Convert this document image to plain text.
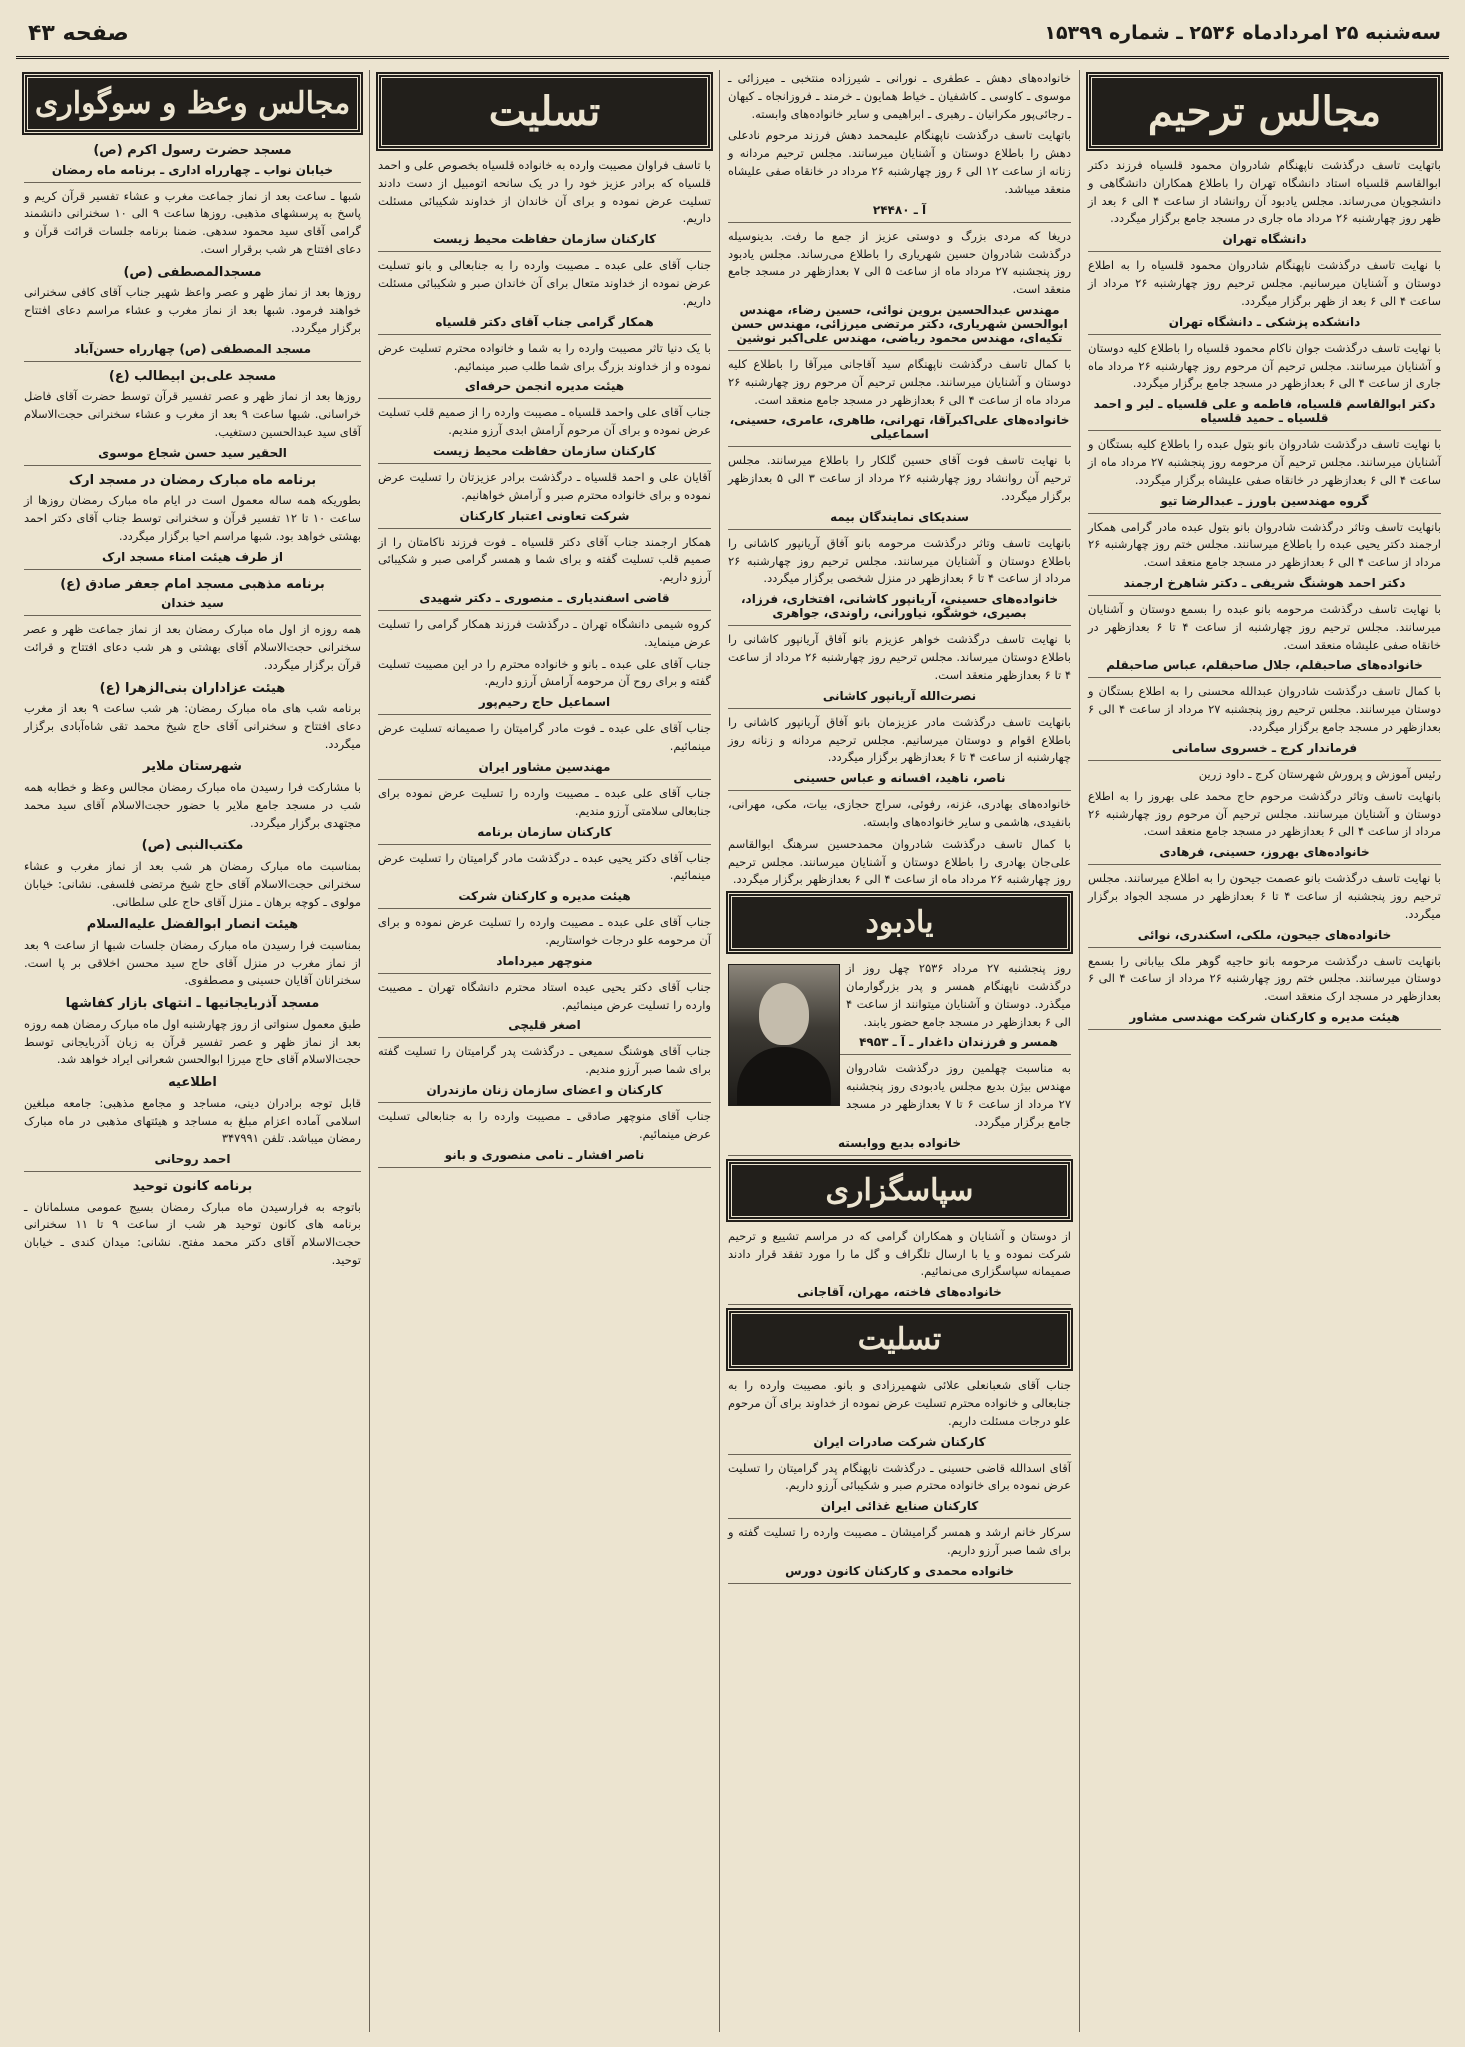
سه‌شنبه ۲۵ امردادماه ۲۵۳۶ ـ شماره ۱۵۳۹۹
صفحه ۴۳
مجالس ترحیم

باتهایت تاسف درگذشت ناپهنگام شادروان محمود قلسیاه فرزند دکتر ابوالقاسم قلسیاه استاد دانشگاه تهران را باطلاع همکاران دانشگاهی و دانشجویان می‌رساند. مجلس یادبود آن روانشاد از ساعت ۴ الی ۶ بعد از ظهر روز چهارشنبه ۲۶ مرداد ماه جاری در مسجد جامع برگزار میگردد.

دانشگاه تهران

با نهایت تاسف درگذشت ناپهنگام شادروان محمود قلسیاه را به اطلاع دوستان و آشنایان میرسانیم. مجلس ترحیم روز چهارشنبه ۲۶ مرداد از ساعت ۴ الی ۶ بعد از ظهر برگزار میگردد.

دانشکده پزشکی ـ دانشگاه تهران

با نهایت تاسف درگذشت جوان ناکام محمود قلسیاه را باطلاع کلیه دوستان و آشنایان میرسانند. مجلس ترحیم آن مرحوم روز چهارشنبه ۲۶ مرداد ماه جاری از ساعت ۴ الی ۶ بعدازظهر در مسجد جامع برگزار میگردد.

دکتر ابوالقاسم قلسیاه، فاطمه و علی قلسیاه ـ لیر و احمد قلسیاه ـ حمید قلسیاه

با نهایت تاسف درگذشت شادروان بانو بتول عبده را باطلاع کلیه بستگان و آشنایان میرسانند. مجلس ترحیم آن مرحومه روز پنجشنبه ۲۷ مرداد ماه از ساعت ۴ الی ۶ بعدازظهر در خانقاه صفی علیشاه برگزار میگردد.

گروه مهندسین باورز ـ عبدالرضا تیو

بانهایت تاسف وتاثر درگذشت شادروان بانو بتول عبده مادر گرامی همکار ارجمند دکتر یحیی عبده را باطلاع میرسانند. مجلس ختم روز چهارشنبه ۲۶ مرداد از ساعت ۴ الی ۶ بعدازظهر در مسجد جامع منعقد است.

دکتر احمد هوشنگ شریفی ـ دکتر شاهرخ ارجمند

با نهایت تاسف درگذشت مرحومه بانو عبده را بسمع دوستان و آشنایان میرسانند. مجلس ترحیم روز چهارشنبه از ساعت ۴ تا ۶ بعدازظهر در خانقاه صفی علیشاه منعقد است.

خانواده‌های صاحبقلم، جلال صاحبقلم، عباس صاحبقلم

با کمال تاسف درگذشت شادروان عبدالله محسنی را به اطلاع بستگان و دوستان میرسانند. مجلس ترحیم روز پنجشنبه ۲۷ مرداد از ساعت ۴ الی ۶ بعدازظهر در مسجد جامع برگزار میگردد.

فرماندار کرج ـ خسروی سامانی

رئیس آموزش و پرورش شهرستان کرج ـ داود زرین

بانهایت تاسف وتاثر درگذشت مرحوم حاج محمد علی بهروز را به اطلاع دوستان و آشنایان میرسانند. مجلس ترحیم آن مرحوم روز چهارشنبه ۲۶ مرداد از ساعت ۴ الی ۶ بعدازظهر در مسجد جامع منعقد است.

خانواده‌های بهروز، حسینی، فرهادی

با نهایت تاسف درگذشت بانو عصمت جیحون را به اطلاع میرسانند. مجلس ترحیم روز پنجشنبه از ساعت ۴ تا ۶ بعدازظهر در مسجد الجواد برگزار میگردد.

خانواده‌های جیحون، ملکی، اسکندری، نوائی

بانهایت تاسف درگذشت مرحومه بانو حاجیه گوهر ملک بیابانی را بسمع دوستان میرسانند. مجلس ختم روز چهارشنبه ۲۶ مرداد از ساعت ۴ الی ۶ بعدازظهر در مسجد ارک منعقد است.

هیئت مدیره و کارکنان شرکت مهندسی مشاور

خانواده‌های دهش ـ عطفری ـ نورانی ـ شیرزاده منتخبی ـ میرزائی ـ موسوی ـ کاوسی ـ کاشفیان ـ خیاط همایون ـ خرمند ـ فروزانجاه ـ کیهان ـ رجائی‌پور مکرانیان ـ رهبری ـ ابراهیمی و سایر خانواده‌های وابسته.

باتهایت تاسف درگذشت ناپهنگام علیمحمد دهش فرزند مرحوم نادعلی دهش را باطلاع دوستان و آشنایان میرسانند. مجلس ترحیم مردانه و زنانه از ساعت ۱۲ الی ۶ روز چهارشنبه ۲۶ مرداد در خانقاه صفی علیشاه منعقد میباشد.

آ ـ ۲۴۴۸۰

دریغا که مردی بزرگ و دوستی عزیز از جمع ما رفت. بدینوسیله درگذشت شادروان حسین شهریاری را باطلاع می‌رساند. مجلس یادبود روز پنجشنبه ۲۷ مرداد ماه از ساعت ۵ الی ۷ بعدازظهر در مسجد جامع منعقد است.

مهندس عبدالحسین بروین نوائی، حسین رضاء، مهندس ابوالحسن شهریاری، دکتر مرتضی میرزائی، مهندس حسن تکیه‌ای، مهندس محمود ریاضی، مهندس علی‌اکبر نوشین

با کمال تاسف درگذشت ناپهنگام سید آقاجانی میرآقا را باطلاع کلیه دوستان و آشنایان میرسانند. مجلس ترحیم آن مرحوم روز چهارشنبه ۲۶ مرداد ماه از ساعت ۴ الی ۶ بعدازظهر در مسجد جامع منعقد است.

خانواده‌های علی‌اکبرآقا، تهرانی، طاهری، عامری، حسینی، اسماعیلی

با نهایت تاسف فوت آقای حسین گلکار را باطلاع میرسانند. مجلس ترحیم آن روانشاد روز چهارشنبه ۲۶ مرداد از ساعت ۳ الی ۵ بعدازظهر برگزار میگردد.

سندیکای نمایندگان بیمه

بانهایت تاسف وتاثر درگذشت مرحومه بانو آفاق آریانپور کاشانی را باطلاع دوستان و آشنایان میرسانند. مجلس ترحیم روز چهارشنبه ۲۶ مرداد از ساعت ۴ تا ۶ بعدازظهر در منزل شخصی برگزار میگردد.

خانواده‌های حسینی، آریانپور کاشانی، افتخاری، فرزاد، بصیری، خوشگو، نیاورانی، راوندی، جواهری

با نهایت تاسف درگذشت خواهر عزیزم بانو آفاق آریانپور کاشانی را باطلاع دوستان میرساند. مجلس ترحیم روز چهارشنبه ۲۶ مرداد از ساعت ۴ تا ۶ بعدازظهر منعقد است.

نصرت‌الله آریانپور کاشانی

بانهایت تاسف درگذشت مادر عزیزمان بانو آفاق آریانپور کاشانی را باطلاع اقوام و دوستان میرسانیم. مجلس ترحیم مردانه و زنانه روز چهارشنبه از ساعت ۴ تا ۶ بعدازظهر برگزار میگردد.

ناصر، ناهید، افسانه و عباس حسینی

خانواده‌های بهادری، غزنه، رفوئی، سراج حجازی، بیات، مکی، مهرانی، بانفیدی، هاشمی و سایر خانواده‌های وابسته.

با کمال تاسف درگذشت شادروان محمدحسین سرهنگ ابوالقاسم علی‌جان بهادری را باطلاع دوستان و آشنایان میرسانند. مجلس ترحیم روز چهارشنبه ۲۶ مرداد ماه از ساعت ۴ الی ۶ بعدازظهر برگزار میگردد.

یادبود

روز پنجشنبه ۲۷ مرداد ۲۵۳۶ چهل روز از درگذشت ناپهنگام همسر و پدر بزرگوارمان میگذرد. دوستان و آشنایان میتوانند از ساعت ۴ الی ۶ بعدازظهر در مسجد جامع حضور یابند.

همسر و فرزندان داغدار ـ آ ـ ۴۹۵۳

به مناسبت چهلمین روز درگذشت شادروان مهندس بیژن بدیع مجلس یادبودی روز پنجشنبه ۲۷ مرداد از ساعت ۶ تا ۷ بعدازظهر در مسجد جامع برگزار میگردد.

خانواده بدیع ووابسته
سپاسگزاری

از دوستان و آشنایان و همکاران گرامی که در مراسم تشییع و ترحیم شرکت نموده و یا با ارسال تلگراف و گل ما را مورد تفقد قرار دادند صمیمانه سپاسگزاری می‌نمائیم.

خانواده‌های فاخته، مهران، آقاجانی
تسلیت

جناب آقای شعبانعلی علائی شهمیرزادی و بانو. مصیبت وارده را به جنابعالی و خانواده محترم تسلیت عرض نموده از خداوند برای آن مرحوم علو درجات مسئلت داریم.

کارکنان شرکت صادرات ایران

آقای اسدالله قاضی حسینی ـ درگذشت ناپهنگام پدر گرامیتان را تسلیت عرض نموده برای خانواده محترم صبر و شکیبائی آرزو داریم.

کارکنان صنایع غذائی ایران

سرکار خانم ارشد و همسر گرامیشان ـ مصیبت وارده را تسلیت گفته و برای شما صبر آرزو داریم.

خانواده محمدی و کارکنان کانون دورس
تسلیت

با تاسف فراوان مصیبت وارده به خانواده قلسیاه بخصوص علی و احمد قلسیاه که برادر عزیز خود را در یک سانحه اتومبیل از دست دادند تسلیت عرض نموده و برای آن خاندان از خداوند شکیبائی مسئلت داریم.

کارکنان سازمان حفاظت محیط زیست

جناب آقای علی عبده ـ مصیبت وارده را به جنابعالی و بانو تسلیت عرض نموده از خداوند متعال برای آن خاندان صبر و شکیبائی مسئلت داریم.

همکار گرامی جناب آقای دکتر قلسیاه

با یک دنیا تاثر مصیبت وارده را به شما و خانواده محترم تسلیت عرض نموده و از خداوند بزرگ برای شما طلب صبر مینمائیم.

هیئت مدیره انجمن حرفه‌ای

جناب آقای علی واحمد قلسیاه ـ مصیبت وارده را از صمیم قلب تسلیت عرض نموده و برای آن مرحوم آرامش ابدی آرزو مندیم.

کارکنان سازمان حفاظت محیط زیست

آقایان علی و احمد قلسیاه ـ درگذشت برادر عزیزتان را تسلیت عرض نموده و برای خانواده محترم صبر و آرامش خواهانیم.

شرکت تعاونی اعتبار کارکنان

همکار ارجمند جناب آقای دکتر قلسیاه ـ فوت فرزند ناکامتان را از صمیم قلب تسلیت گفته و برای شما و همسر گرامی صبر و شکیبائی آرزو داریم.

قاضی اسفندیاری ـ منصوری ـ دکتر شهیدی

کروه شیمی دانشگاه تهران ـ درگذشت فرزند همکار گرامی را تسلیت عرض مینماید.

جناب آقای علی عبده ـ بانو و خانواده محترم را در این مصیبت تسلیت گفته و برای روح آن مرحومه آرامش آرزو داریم.

اسماعیل حاج رحیم‌پور

جناب آقای علی عبده ـ فوت مادر گرامیتان را صمیمانه تسلیت عرض مینمائیم.

مهندسین مشاور ایران

جناب آقای علی عبده ـ مصیبت وارده را تسلیت عرض نموده برای جنابعالی سلامتی آرزو مندیم.

کارکنان سازمان برنامه

جناب آقای دکتر یحیی عبده ـ درگذشت مادر گرامیتان را تسلیت عرض مینمائیم.

هیئت مدیره و کارکنان شرکت

جناب آقای علی عبده ـ مصیبت وارده را تسلیت عرض نموده و برای آن مرحومه علو درجات خواستاریم.

منوچهر میرداماد

جناب آقای دکتر یحیی عبده استاد محترم دانشگاه تهران ـ مصیبت وارده را تسلیت عرض مینمائیم.

اصغر قلیچی

جناب آقای هوشنگ سمیعی ـ درگذشت پدر گرامیتان را تسلیت گفته برای شما صبر آرزو مندیم.

کارکنان و اعضای سازمان زنان مازندران

جناب آقای منوچهر صادقی ـ مصیبت وارده را به جنابعالی تسلیت عرض مینمائیم.

ناصر افشار ـ نامی منصوری و بانو
مجالس وعظ و سوگواری
مسجد حضرت رسول اکرم (ص)
خیابان نواب ـ چهارراه اداری ـ برنامه ماه رمضان

شبها ـ ساعت بعد از نماز جماعت مغرب و عشاء تفسیر قرآن کریم و پاسخ به پرسشهای مذهبی. روزها ساعت ۹ الی ۱۰ سخنرانی دانشمند گرامی آقای سید محمود سدهی. ضمنا برنامه جلسات قرائت قرآن و دعای افتتاح هر شب برقرار است.

مسجدالمصطفی (ص)

روزها بعد از نماز ظهر و عصر واعظ شهیر جناب آقای کافی سخنرانی خواهند فرمود. شبها بعد از نماز مغرب و عشاء مراسم دعای افتتاح برگزار میگردد.

مسجد المصطفی (ص) چهارراه حسن‌آباد
مسجد علی‌بن ابیطالب (ع)

روزها بعد از نماز ظهر و عصر تفسیر قرآن توسط حضرت آقای فاضل خراسانی. شبها ساعت ۹ بعد از مغرب و عشاء سخنرانی حجت‌الاسلام آقای سید عبدالحسین دستغیب.

الحقیر سید حسن شجاع موسوی
برنامه ماه مبارک رمضان در مسجد ارک

بطوریکه همه ساله معمول است در ایام ماه مبارک رمضان روزها از ساعت ۱۰ تا ۱۲ تفسیر قرآن و سخنرانی توسط جناب آقای دکتر احمد بهشتی خواهد بود. شبها مراسم احیا برگزار میگردد.

از طرف هیئت امناء مسجد ارک
برنامه مذهبی مسجد امام جعفر صادق (ع)
سید خندان

همه روزه از اول ماه مبارک رمضان بعد از نماز جماعت ظهر و عصر سخنرانی حجت‌الاسلام آقای بهشتی و هر شب دعای افتتاح و قرائت قرآن برگزار میگردد.

هیئت عزاداران بنی‌الزهرا (ع)

برنامه شب های ماه مبارک رمضان: هر شب ساعت ۹ بعد از مغرب دعای افتتاح و سخنرانی آقای حاج شیخ محمد تقی شاه‌آبادی برگزار میگردد.

شهرستان ملایر

با مشارکت فرا رسیدن ماه مبارک رمضان مجالس وعظ و خطابه همه شب در مسجد جامع ملایر با حضور حجت‌الاسلام آقای سید محمد مجتهدی برگزار میگردد.

مکتب‌النبی (ص)

بمناسبت ماه مبارک رمضان هر شب بعد از نماز مغرب و عشاء سخنرانی حجت‌الاسلام آقای حاج شیخ مرتضی فلسفی. نشانی: خیابان مولوی ـ کوچه برهان ـ منزل آقای حاج علی سلطانی.

هیئت انصار ابوالفضل علیه‌السلام

بمناسبت فرا رسیدن ماه مبارک رمضان جلسات شبها از ساعت ۹ بعد از نماز مغرب در منزل آقای حاج سید محسن اخلاقی بر پا است. سخنرانان آقایان حسینی و مصطفوی.

مسجد آذربایجانیها ـ انتهای بازار کفاشها

طبق معمول سنواتی از روز چهارشنبه اول ماه مبارک رمضان همه روزه بعد از نماز ظهر و عصر تفسیر قرآن به زبان آذربایجانی توسط حجت‌الاسلام آقای حاج میرزا ابوالحسن شعرانی ایراد خواهد شد.

اطلاعیه

قابل توجه برادران دینی، مساجد و مجامع مذهبی: جامعه مبلغین اسلامی آماده اعزام مبلغ به مساجد و هیئتهای مذهبی در ماه مبارک رمضان میباشد. تلفن ۳۴۷۹۹۱

احمد روحانی
برنامه کانون توحید

باتوجه به فرارسیدن ماه مبارک رمضان بسیج عمومی مسلمانان ـ برنامه های کانون توحید هر شب از ساعت ۹ تا ۱۱ سخنرانی حجت‌الاسلام آقای دکتر محمد مفتح. نشانی: میدان کندی ـ خیابان توحید.
